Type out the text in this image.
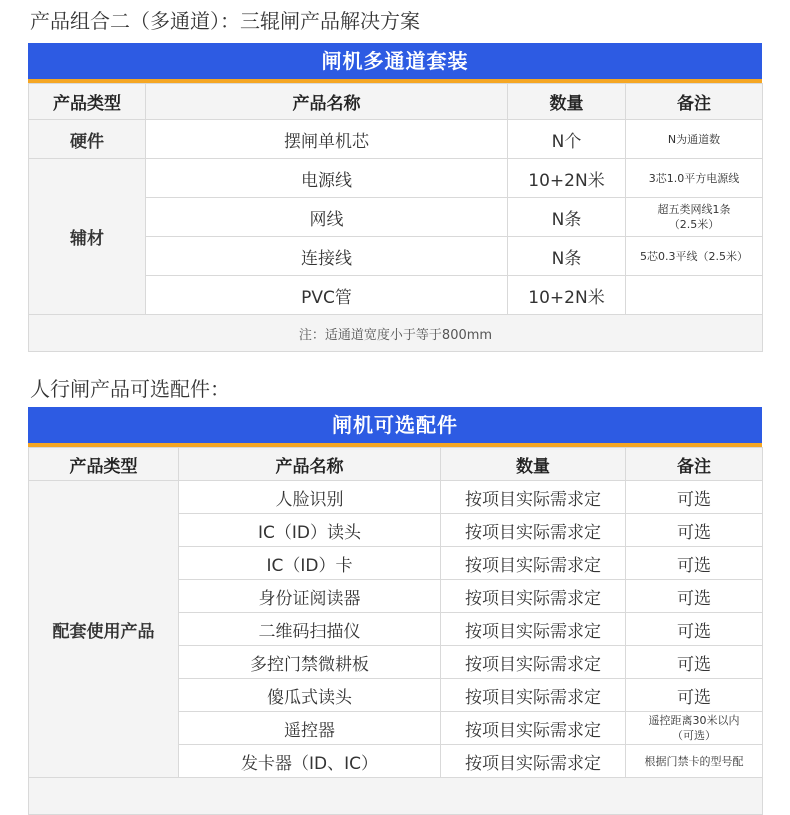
产品组合二（多通道）：三辊闸产品解决方案
闸机多通道套装
产品类型	产品名称	数量	备注
硬件	摆闸单机芯	N个	N为通道数
辅材	电源线	10+2N米	3芯1.0平方电源线
	网线	N条	超五类网线1条
（2.5米）

	连接线	N条	5芯0.3平线（2.5米）
	PVC管	10+2N米	
注：适通道宽度小于等于800mm			
人行闸产品可选配件：
闸机可选配件
产品类型	产品名称	数量	备注
配套使用产品	人脸识别	按项目实际需求定	可选
	IC（ID）读头	按项目实际需求定	可选
	IC（ID）卡	按项目实际需求定	可选
	身份证阅读器	按项目实际需求定	可选
	二维码扫描仪	按项目实际需求定	可选
	多控门禁微耕板	按项目实际需求定	可选
	傻瓜式读头	按项目实际需求定	可选
	遥控器	按项目实际需求定	遥控距离30米以内
（可选）

	发卡器（ID、IC）	按项目实际需求定	根据门禁卡的型号配
